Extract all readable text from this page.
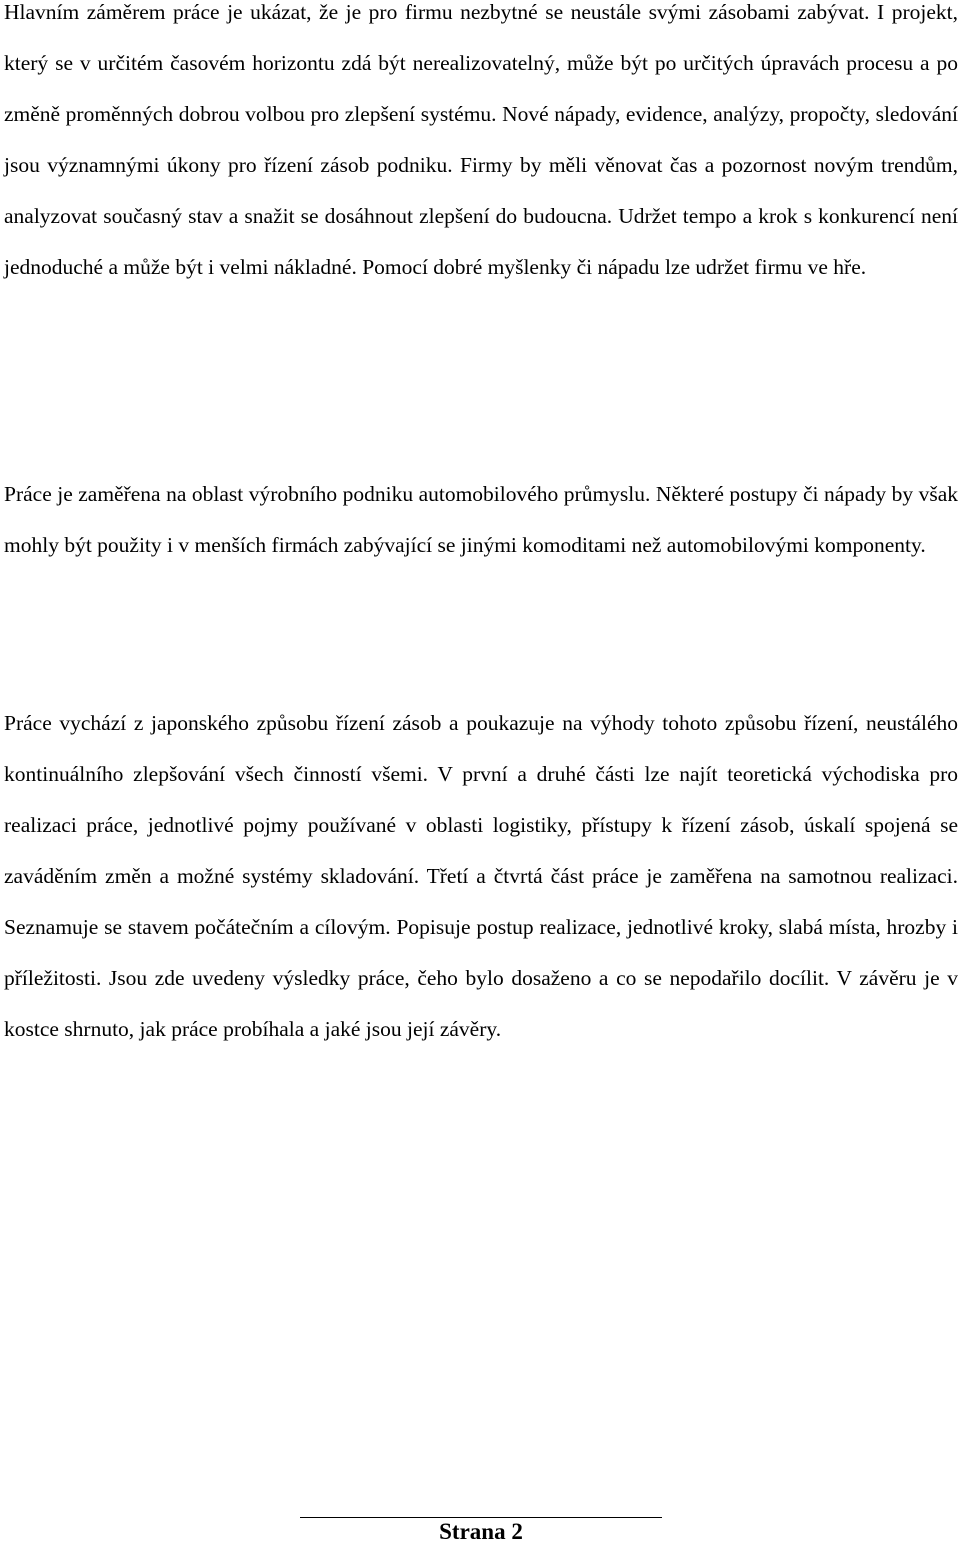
Hlavním záměrem práce je ukázat, že je pro firmu nezbytné se neustále svými zásobami zabývat. I projekt, který se v určitém časovém horizontu zdá být nerealizovatelný, může být po určitých úpravách procesu a po změně proměnných dobrou volbou pro zlepšení systému. Nové nápady, evidence, analýzy, propočty, sledování jsou významnými úkony pro řízení zásob podniku. Firmy by měli věnovat čas a pozornost novým trendům, analyzovat současný stav a snažit se dosáhnout zlepšení do budoucna. Udržet tempo a krok s konkurencí není jednoduché a může být i velmi nákladné. Pomocí dobré myšlenky či nápadu lze udržet firmu ve hře.

Práce je zaměřena na oblast výrobního podniku automobilového průmyslu. Některé postupy či nápady by však mohly být použity i v menších firmách zabývající se jinými komoditami než automobilovými komponenty.

Práce vychází z japonského způsobu řízení zásob a poukazuje na výhody tohoto způsobu řízení, neustálého kontinuálního zlepšování všech činností všemi. V první a druhé části lze najít teoretická východiska pro realizaci práce, jednotlivé pojmy používané v oblasti logistiky, přístupy k řízení zásob, úskalí spojená se zaváděním změn a možné systémy skladování. Třetí a čtvrtá část práce je zaměřena na samotnou realizaci. Seznamuje se stavem počátečním a cílovým. Popisuje postup realizace, jednotlivé kroky, slabá místa, hrozby i příležitosti. Jsou zde uvedeny výsledky práce, čeho bylo dosaženo a co se nepodařilo docílit. V závěru je v kostce shrnuto, jak práce probíhala a jaké jsou její závěry.

Strana 2
